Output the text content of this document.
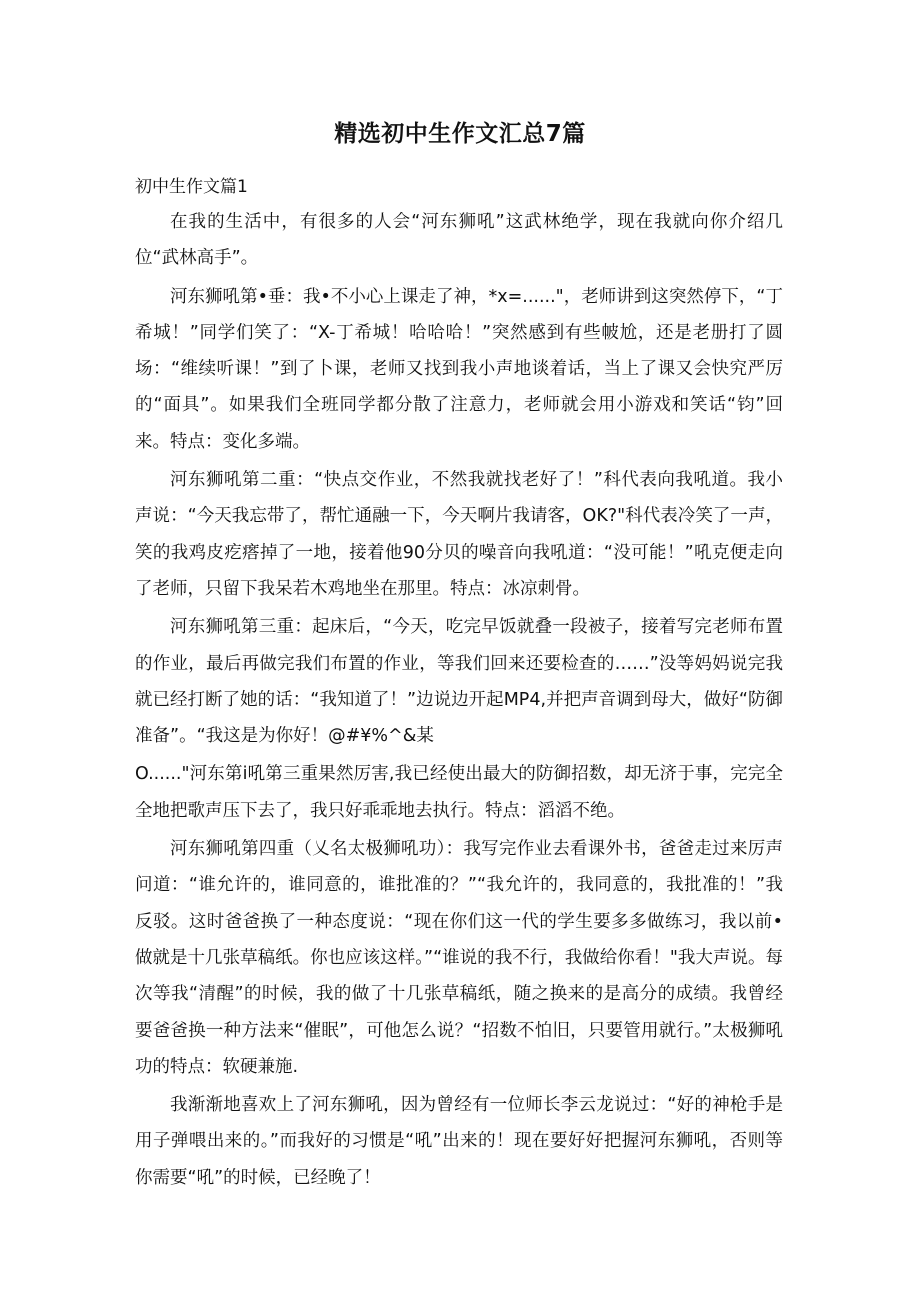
精选初中生作文汇总7篇
初中生作文篇1

在我的生活中，有很多的人会“河东狮吼”这武林绝学，现在我就向你介绍几位“武林高手”。

河东狮吼第•垂：我•不小心上课走了神，*x=......"，老师讲到这突然停下，“丁希城！”同学们笑了：“X-丁希城！哈哈哈！”突然感到有些帔尬，还是老册打了圆场：“维续听课！”到了卜课，老师又找到我小声地谈着话，当上了课又会快究严厉的“面具”。如果我们全班同学都分散了注意力，老师就会用小游戏和笑话“钧”回来。特点：变化多端。

河东狮吼第二重：“快点交作业，不然我就找老好了！”科代表向我吼道。我小声说：“今天我忘带了，帮忙通融一下，今天啊片我请客，OK?"科代表冷笑了一声，笑的我鸡皮疙瘩掉了一地，接着他90分贝的噪音向我吼道：“没可能！”吼克便走向了老师，只留下我呆若木鸡地坐在那里。特点：冰凉刺骨。

河东狮吼第三重：起床后，“今天，吃完早饭就叠一段被子，接着写完老师布置的作业，最后再做完我们布置的作业，等我们回来还要检查的……”没等妈妈说完我就已经打断了她的话：“我知道了！”边说边开起MP4,并把声音调到母大，做好“防御准备”。“我这是为你好！@#¥%^&某

O......"河东第i吼第三重果然厉害,我已经使出最大的防御招数，却无济于事，完完全全地把歌声压下去了，我只好乖乖地去执行。特点：滔滔不绝。

河东狮吼第四重（乂名太极狮吼功）：我写完作业去看课外书，爸爸走过来厉声问道：“谁允许的，谁同意的，谁批准的？”“我允许的，我同意的，我批准的！”我反驳。这时爸爸换了一种态度说：“现在你们这一代的学生要多多做练习，我以前•做就是十几张草稿纸。你也应该这样。”“谁说的我不行，我做给你看！"我大声说。每次等我“清醒”的时候，我的做了十几张草稿纸，随之换来的是高分的成绩。我曾经要爸爸换一种方法来“催眠”，可他怎么说？“招数不怕旧，只要管用就行。”太极狮吼功的特点：软硬兼施.

我渐渐地喜欢上了河东狮吼，因为曾经有一位师长李云龙说过：“好的神枪手是用子弹喂出来的。”而我好的习惯是“吼”出来的！现在要好好把握河东狮吼，否则等你需要“吼”的时候，已经晚了！
